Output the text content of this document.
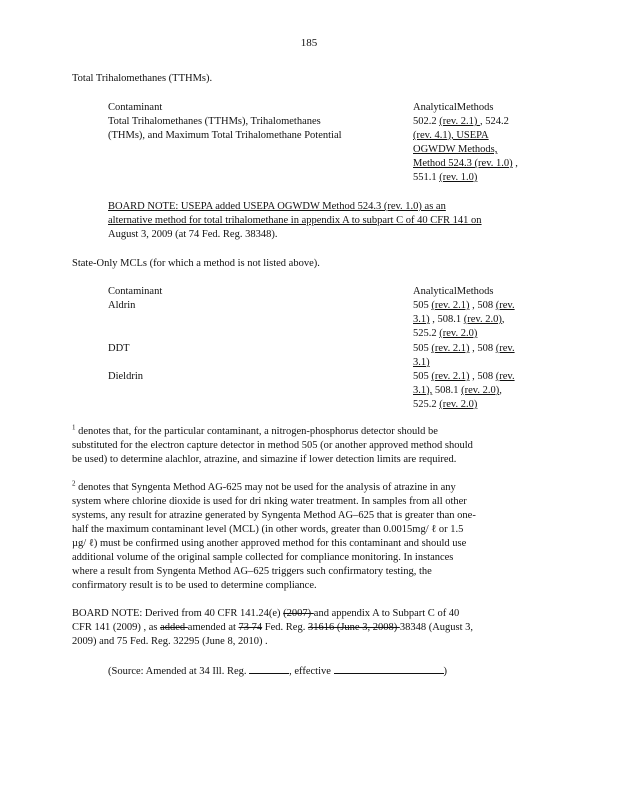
185
Total Trihalomethanes (TTHMs).
Contaminant	AnalyticalMethods
Total Trihalomethanes (TTHMs), Trihalomethanes
(THMs), and Maximum Total Trihalomethane Potential
502.2 (rev. 2.1) , 524.2
(rev. 4.1), USEPA
OGWDW Methods,
Method 524.3 (rev. 1.0) ,
551.1 (rev. 1.0)
BOARD NOTE: USEPA added USEPA OGWDW Method 524.3 (rev. 1.0) as an
alternative method for total trihalomethane in appendix A to subpart C of 40 CFR 141 on
August 3, 2009 (at 74 Fed. Reg. 38348).
State-Only MCLs (for which a method is not listed above).
Contaminant	AnalyticalMethods
Aldrin	505 (rev. 2.1) , 508 (rev.
3.1) , 508.1 (rev. 2.0),
525.2 (rev. 2.0)
DDT	505 (rev. 2.1) , 508 (rev.
3.1)
Dieldrin	505 (rev. 2.1) , 508 (rev.
3.1), 508.1 (rev. 2.0),
525.2 (rev. 2.0)
$^1$ denotes that, for the particular contaminant, a nitrogen-phosphorus detector should be
substituted for the electron capture detector in method 505 (or another approved method should
be used) to determine alachlor, atrazine, and simazine if lower detection limits are required.
$^2$ denotes that Syngenta Method AG-625 may not be used for the analysis of atrazine in any
system where chlorine dioxide is used for dri nking water treatment. In samples from all other
systems, any result for atrazine generated by Syngenta Method AG–625 that is greater than one-
half the maximum contaminant level (MCL) (in other words, greater than 0.0015mg/ ℓ or 1.5
µg/ ℓ) must be confirmed using another approved method for this contaminant and should use
additional volume of the original sample collected for compliance monitoring. In instances
where a result from Syngenta Method AG–625 triggers such confirmatory testing, the
confirmatory result is to be used to determine compliance.
BOARD NOTE: Derived from 40 CFR 141.24(e) (2007) and appendix A to Subpart C of 40
CFR 141 (2009) , as added amended at 73 74 Fed. Reg. 31616 (June 3, 2008) 38348 (August 3,
2009) and 75 Fed. Reg. 32295 (June 8, 2010) .
(Source: Amended at 34 Ill. Reg.	, effective	)
